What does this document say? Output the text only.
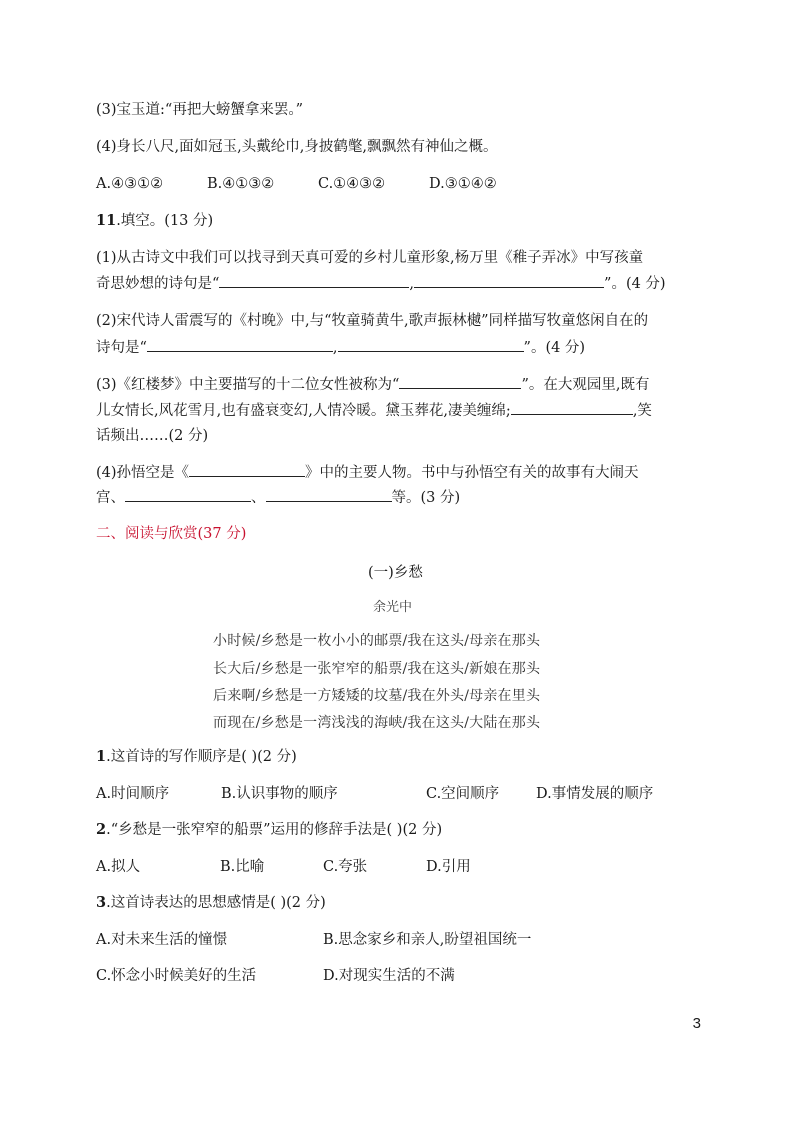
(3)宝玉道:“再把大螃蟹拿来罢。”
(4)身长八尺,面如冠玉,头戴纶巾,身披鹤氅,飘飘然有神仙之概。
A.④③①②	B.④①③②	C.①④③②	D.③①④②
11.填空。(13 分)
(1)从古诗文中我们可以找寻到天真可爱的乡村儿童形象,杨万里《稚子弄冰》中写孩童
奇思妙想的诗句是“	,	”。(4 分)
(2)宋代诗人雷震写的《村晚》中,与“牧童骑黄牛,歌声振林樾”同样描写牧童悠闲自在的
诗句是“	,	”。(4 分)
(3)《红楼梦》中主要描写的十二位女性被称为“	”。在大观园里,既有
儿女情长,风花雪月,也有盛衰变幻,人情冷暖。黛玉葬花,凄美缠绵;	,笑
话频出……(2 分)
(4)孙悟空是《	》中的主要人物。书中与孙悟空有关的故事有大闹天
宫、	、	等。(3 分)
二、阅读与欣赏(37 分)
(一)乡愁
余光中
小时候/乡愁是一枚小小的邮票/我在这头/母亲在那头
长大后/乡愁是一张窄窄的船票/我在这头/新娘在那头
后来啊/乡愁是一方矮矮的坟墓/我在外头/母亲在里头
而现在/乡愁是一湾浅浅的海峡/我在这头/大陆在那头
1.这首诗的写作顺序是( )(2 分)
A.时间顺序	B.认识事物的顺序	C.空间顺序	D.事情发展的顺序
2.“乡愁是一张窄窄的船票”运用的修辞手法是( )(2 分)
A.拟人	B.比喻	C.夸张	D.引用
3.这首诗表达的思想感情是( )(2 分)
A.对未来生活的憧憬	B.思念家乡和亲人,盼望祖国统一
C.怀念小时候美好的生活	D.对现实生活的不满
3
